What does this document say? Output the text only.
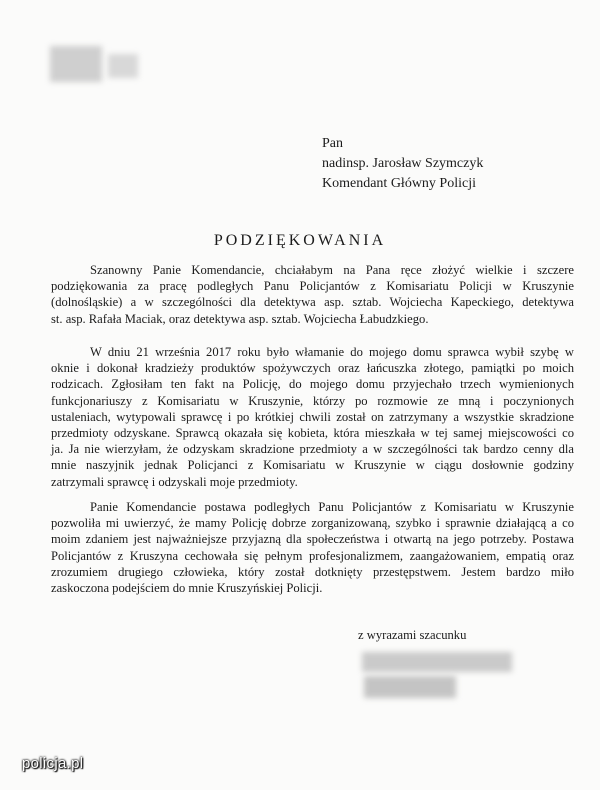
Pan
nadinsp. Jarosław Szymczyk
Komendant Główny Policji
PODZIĘKOWANIA
Szanowny Panie Komendancie, chciałabym na Pana ręce złożyć wielkie i szczere
podziękowania za pracę podległych Panu Policjantów z Komisariatu Policji w Kruszynie
(dolnośląskie) a w szczególności dla detektywa asp. sztab. Wojciecha Kapeckiego, detektywa
st. asp. Rafała Maciak, oraz detektywa asp. sztab. Wojciecha Łabudzkiego.
W dniu 21 września 2017 roku było włamanie do mojego domu sprawca wybił szybę w
oknie i dokonał kradzieży produktów spożywczych oraz łańcuszka złotego, pamiątki po moich
rodzicach. Zgłosiłam ten fakt na Policję, do mojego domu przyjechało trzech wymienionych
funkcjonariuszy z Komisariatu w Kruszynie, którzy po rozmowie ze mną i poczynionych
ustaleniach, wytypowali sprawcę i po krótkiej chwili został on zatrzymany a wszystkie skradzione
przedmioty odzyskane. Sprawcą okazała się kobieta, która mieszkała w tej samej miejscowości co
ja. Ja nie wierzyłam, że odzyskam skradzione przedmioty a w szczególności tak bardzo cenny dla
mnie naszyjnik jednak Policjanci z Komisariatu w Kruszynie w ciągu dosłownie godziny
zatrzymali sprawcę i odzyskali moje przedmioty.
Panie Komendancie postawa podległych Panu Policjantów z Komisariatu w Kruszynie
pozwoliła mi uwierzyć, że mamy Policję dobrze zorganizowaną, szybko i sprawnie działającą a co
moim zdaniem jest najważniejsze przyjazną dla społeczeństwa i otwartą na jego potrzeby. Postawa
Policjantów z Kruszyna cechowała się pełnym profesjonalizmem, zaangażowaniem, empatią oraz
zrozumiem drugiego człowieka, który został dotknięty przestępstwem. Jestem bardzo miło
zaskoczona podejściem do mnie Kruszyńskiej Policji.
z wyrazami szacunku
policja.pl
